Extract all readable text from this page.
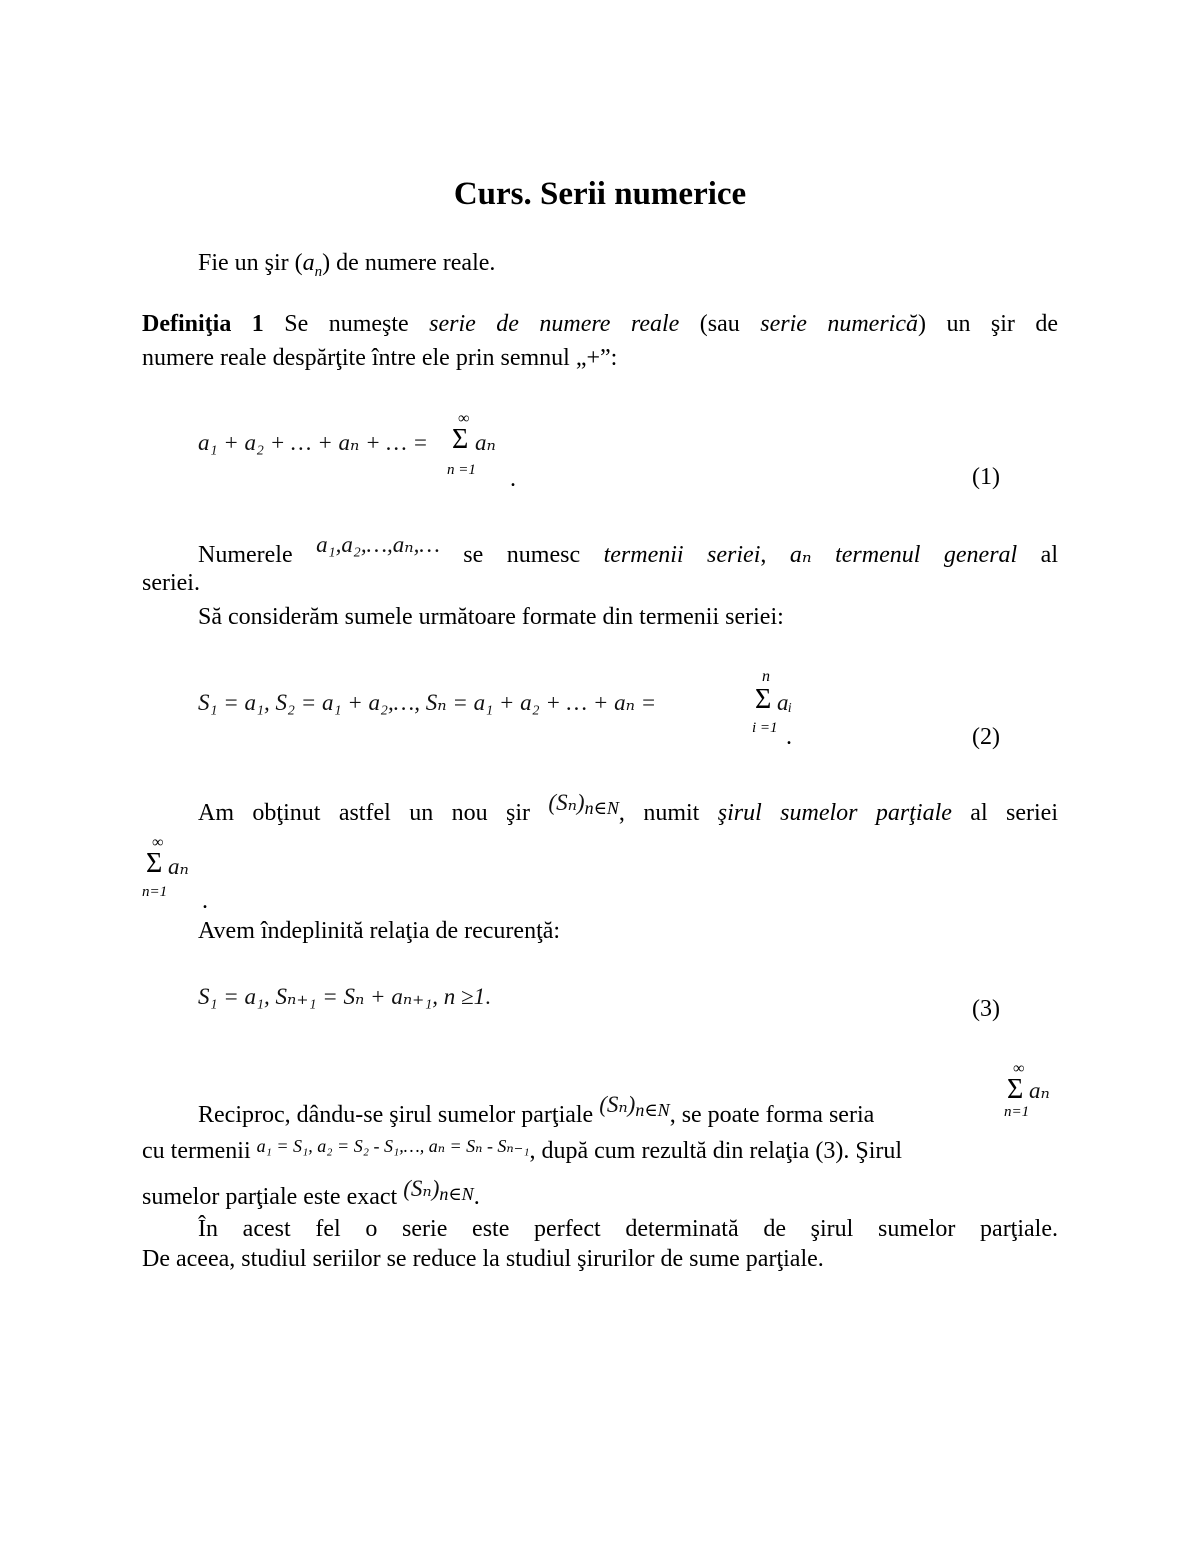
Curs. Serii numerice
Fie un şir $(a_n)$ de numere reale.
Definiţia 1 Se numeşte serie de numere reale (sau serie numerică) un şir de
numere reale despărţite între ele prin semnul „+”:
a₁ + a₂ + … + aₙ + … =
∞
Σ aₙ
n =1 .	(1)
Numerele a₁,a₂,…,aₙ,… se numesc termenii seriei, aₙ termenul general al
seriei.
Să considerăm sumele următoare formate din termenii seriei:
S₁ = a₁, S₂ = a₁ + a₂,…, Sₙ = a₁ + a₂ + … + aₙ =
n
Σ aᵢ
i =1 .	(2)
Am obţinut astfel un nou şir $(S_n)^{n\in N}$, numit şirul sumelor parţiale al seriei
∞
Σ aₙ
n=1 .
Avem îndeplinită relaţia de recurenţă:
S₁ = a₁, Sₙ₊₁ = Sₙ + aₙ₊₁, n ≥1.	(3)
Reciproc, dându-se şirul sumelor parţiale $(S_n)^{n\in N}$, se poate forma seria
∞
Σ aₙ
n=1
cu termenii $^{a_1 = S_1, a_2 = S_2 - S_1,\dots, a_n = S_n - S_{n-1}}$, după cum rezultă din relaţia (3). Şirul
sumelor parţiale este exact (Sₙ)n∈N.
În acest fel o serie este perfect determinată de şirul sumelor parţiale.
De aceea, studiul seriilor se reduce la studiul şirurilor de sume parţiale.
